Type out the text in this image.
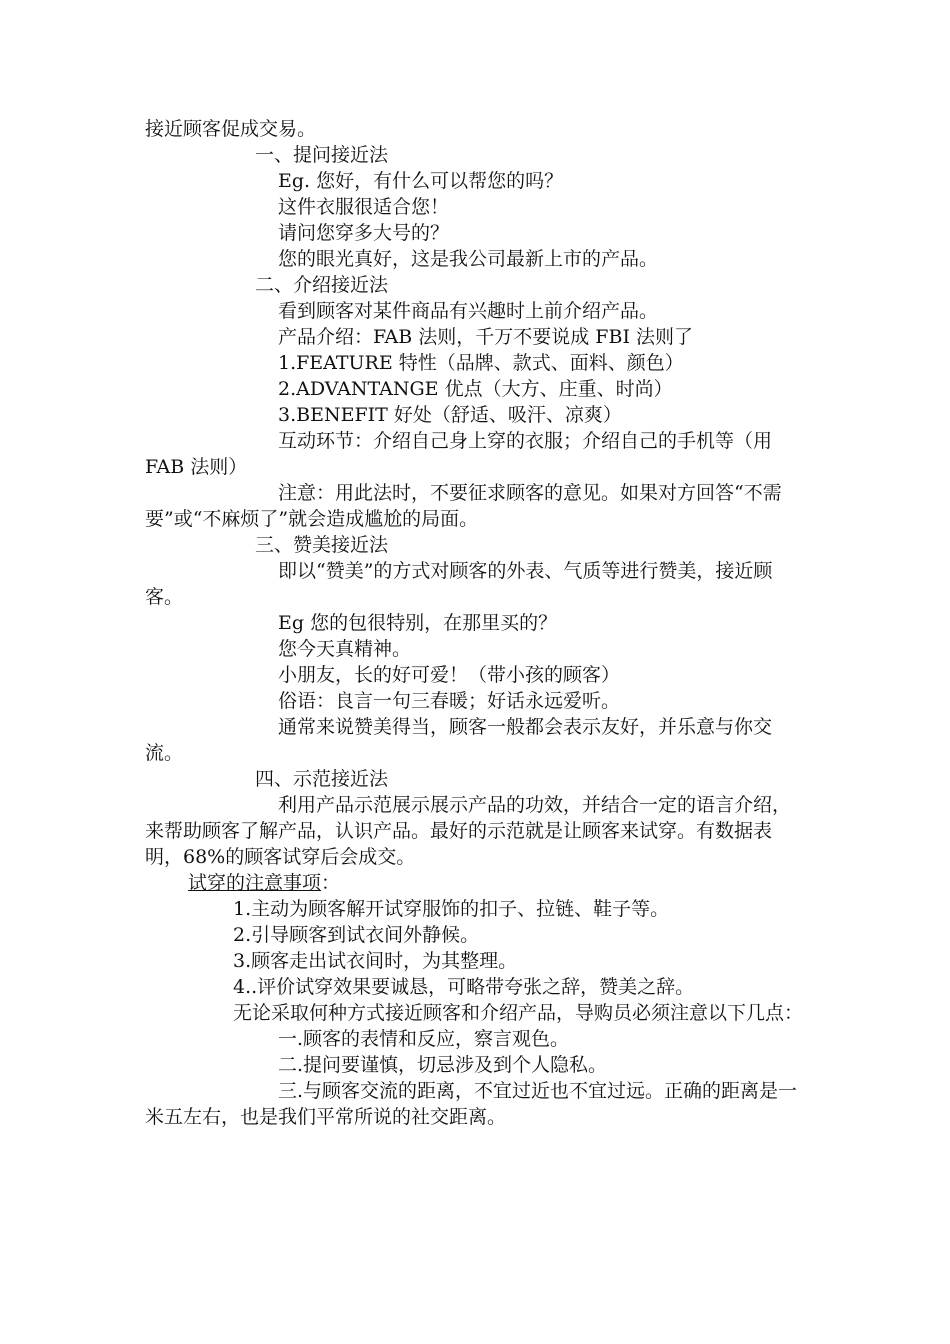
接近顾客促成交易。

一、提问接近法

Eg. 您好，有什么可以帮您的吗？

这件衣服很适合您！

请问您穿多大号的？

您的眼光真好，这是我公司最新上市的产品。

二、介绍接近法

看到顾客对某件商品有兴趣时上前介绍产品。

产品介绍：FAB 法则，千万不要说成 FBI 法则了

1.FEATURE 特性（品牌、款式、面料、颜色）

2.ADVANTANGE 优点（大方、庄重、时尚）

3.BENEFIT 好处（舒适、吸汗、凉爽）

互动环节：介绍自己身上穿的衣服；介绍自己的手机等（用 FAB 法则）

注意：用此法时，不要征求顾客的意见。如果对方回答“不需要”或“不麻烦了”就会造成尴尬的局面。

三、赞美接近法

即以“赞美”的方式对顾客的外表、气质等进行赞美，接近顾客。

Eg 您的包很特别，在那里买的？

您今天真精神。

小朋友，长的好可爱！（带小孩的顾客）

俗语：良言一句三春暖；好话永远爱听。

通常来说赞美得当，顾客一般都会表示友好，并乐意与你交流。

四、示范接近法

利用产品示范展示展示产品的功效，并结合一定的语言介绍，来帮助顾客了解产品，认识产品。最好的示范就是让顾客来试穿。有数据表明，68%的顾客试穿后会成交。

试穿的注意事项：

1.主动为顾客解开试穿服饰的扣子、拉链、鞋子等。

2.引导顾客到试衣间外静候。

3.顾客走出试衣间时，为其整理。

4..评价试穿效果要诚恳，可略带夸张之辞，赞美之辞。

无论采取何种方式接近顾客和介绍产品，导购员必须注意以下几点：

一.顾客的表情和反应，察言观色。

二.提问要谨慎，切忌涉及到个人隐私。

三.与顾客交流的距离，不宜过近也不宜过远。正确的距离是一米五左右，也是我们平常所说的社交距离。
